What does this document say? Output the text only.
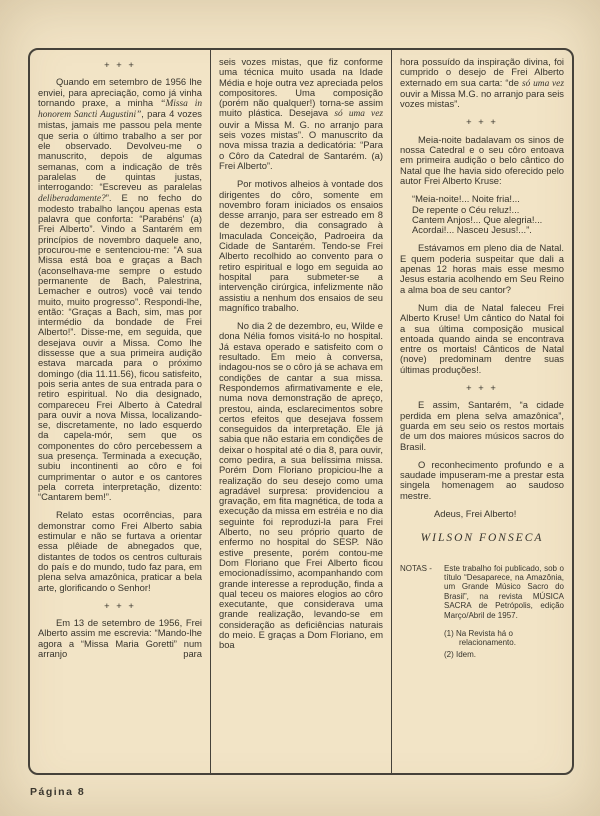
+ + +

Quando em setembro de 1956 lhe enviei, para apreciação, como já vinha tornando praxe, a minha “Missa in honorem Sancti Augustini”, para 4 vozes mistas, jamais me passou pela mente que seria o último trabalho a ser por ele observado. Devolveu-me o manuscrito, depois de algumas semanas, com a indicação de três paralelas de quintas justas, interrogando: “Escreveu as paralelas deliberadamente?”. E no fecho do modesto trabalho lançou apenas esta palavra que conforta: “Parabéns' (a) Frei Alberto”. Vindo a Santarém em princípios de novembro daquele ano, procurou-me e sentenciou-me: “A sua Missa está boa e graças a Bach (aconselhava-me sempre o estudo permanente de Bach, Palestrina, Lemacher e outros) você vai tendo muito, muito progresso”. Respondi-lhe, então: “Graças a Bach, sim, mas por intermédio da bondade de Frei Alberto!”. Disse-me, em seguida, que desejava ouvir a Missa. Como lhe dissesse que a sua primeira audição estava marcada para o próximo domingo (dia 11.11.56), ficou satisfeito, pois seria antes de sua entrada para o retiro espiritual. No dia designado, compareceu Frei Alberto à Catedral para ouvir a nova Missa, localizando-se, discretamente, no lado esquerdo da capela-mór, sem que os componentes do côro percebessem a sua presença. Terminada a execução, subiu incontinenti ao côro e foi cumprimentar o autor e os cantores pela correta interpretação, dizento: “Cantarem bem!”.

Relato estas ocorrências, para demonstrar como Frei Alberto sabia estimular e não se furtava a orientar essa plêiade de abnegados que, distantes de todos os centros culturais do país e do mundo, tudo faz para, em plena selva amazônica, praticar a bela arte, glorificando o Senhor!

+ + +

Em 13 de setembro de 1956, Frei Alberto assim me escrevia: “Mando-lhe agora a “Missa Maria Goretti” num arranjo para

seis vozes mistas, que fiz conforme uma técnica muito usada na Idade Média e hoje outra vez apreciada pelos compositores. Uma composição (porém não qualquer!) torna-se assim muito plástica. Desejava só uma vez ouvir a Missa M. G. no arranjo para seis vozes mistas”. O manuscrito da nova missa trazia a dedicatória: “Para o Côro da Catedral de Santarém. (a) Frei Alberto”.

Por motivos alheios à vontade dos dirigentes do côro, somente em novembro foram iniciados os ensaios desse arranjo, para ser estreado em 8 de dezembro, dia consagrado à Imaculada Conceição, Padroeira da Cidade de Santarém. Tendo-se Frei Alberto recolhido ao convento para o retiro espiritual e logo em seguida ao hospital para submeter-se a intervenção cirúrgica, infelizmente não assistiu a nenhum dos ensaios de seu magnífico trabalho.

No dia 2 de dezembro, eu, Wilde e dona Nélia fomos visitá-lo no hospital. Já estava operado e satisfeito com o resultado. Em meio à conversa, indagou-nos se o côro já se achava em condições de cantar a sua missa. Respondemos afirmativamente e ele, numa nova demonstração de apreço, prestou, ainda, esclarecimentos sobre certos efeitos que desejava fossem conseguidos da interpretação. Ele já sabia que não estaria em condições de deixar o hospital até o dia 8, para ouvir, como pedira, a sua belíssima missa. Porém Dom Floriano propiciou-lhe a realização do seu desejo como uma agradável surpresa: providenciou a gravação, em fita magnética, de toda a execução da missa em estréia e no dia seguinte foi reproduzi-la para Frei Alberto, no seu próprio quarto de enfermo no hospital do SESP. Não estive presente, porém contou-me Dom Floriano que Frei Alberto ficou emocionadíssimo, acompanhando com grande interesse a reprodução, finda a qual teceu os maiores elogios ao côro executante, que considerava uma grande realização, levando-se em consideração as deficiências naturais do meio. E graças a Dom Floriano, em boa

hora possuído da inspiração divina, foi cumprido o desejo de Frei Alberto externado em sua carta: “de só uma vez ouvir a Missa M.G. no arranjo para seis vozes mistas”.

+ + +

Meia-noite badalavam os sinos de nossa Catedral e o seu côro entoava em primeira audição o belo cântico do Natal que lhe havia sido oferecido pelo autor Frei Alberto Kruse:

“Meia-noite!... Noite fria!...
De repente o Céu reluz!...
Cantem Anjos!... Que alegria!...
Acordai!... Nasceu Jesus!...”.

Estávamos em pleno dia de Natal. E quem poderia suspeitar que dali a apenas 12 horas mais esse mesmo Jesus estaria acolhendo em Seu Reino a alma boa de seu cantor?

Num dia de Natal faleceu Frei Alberto Kruse! Um cântico do Natal foi a sua última composição musical entoada quando ainda se encontrava entre os mortais! Cânticos de Natal (nove) predominam dentre suas últimas produções!.

+ + +

E assim, Santarém, “a cidade perdida em plena selva amazônica”, guarda em seu seio os restos mortais de um dos maiores músicos sacros do Brasil.

O reconhecimento profundo e a saudade impuseram-me a prestar esta singela homenagem ao saudoso mestre.

Adeus, Frei Alberto!

WILSON FONSECA
NOTAS -	Este trabalho foi publicado, sob o título “Desaparece, na Amazônia, um Grande Músico Sacro do Brasil”, na revista MÚSICA SACRA de Petrópolis, edição Março/Abril de 1957.
(1) Na Revista há o relacionamento.
(2) Idem.
Página 8
